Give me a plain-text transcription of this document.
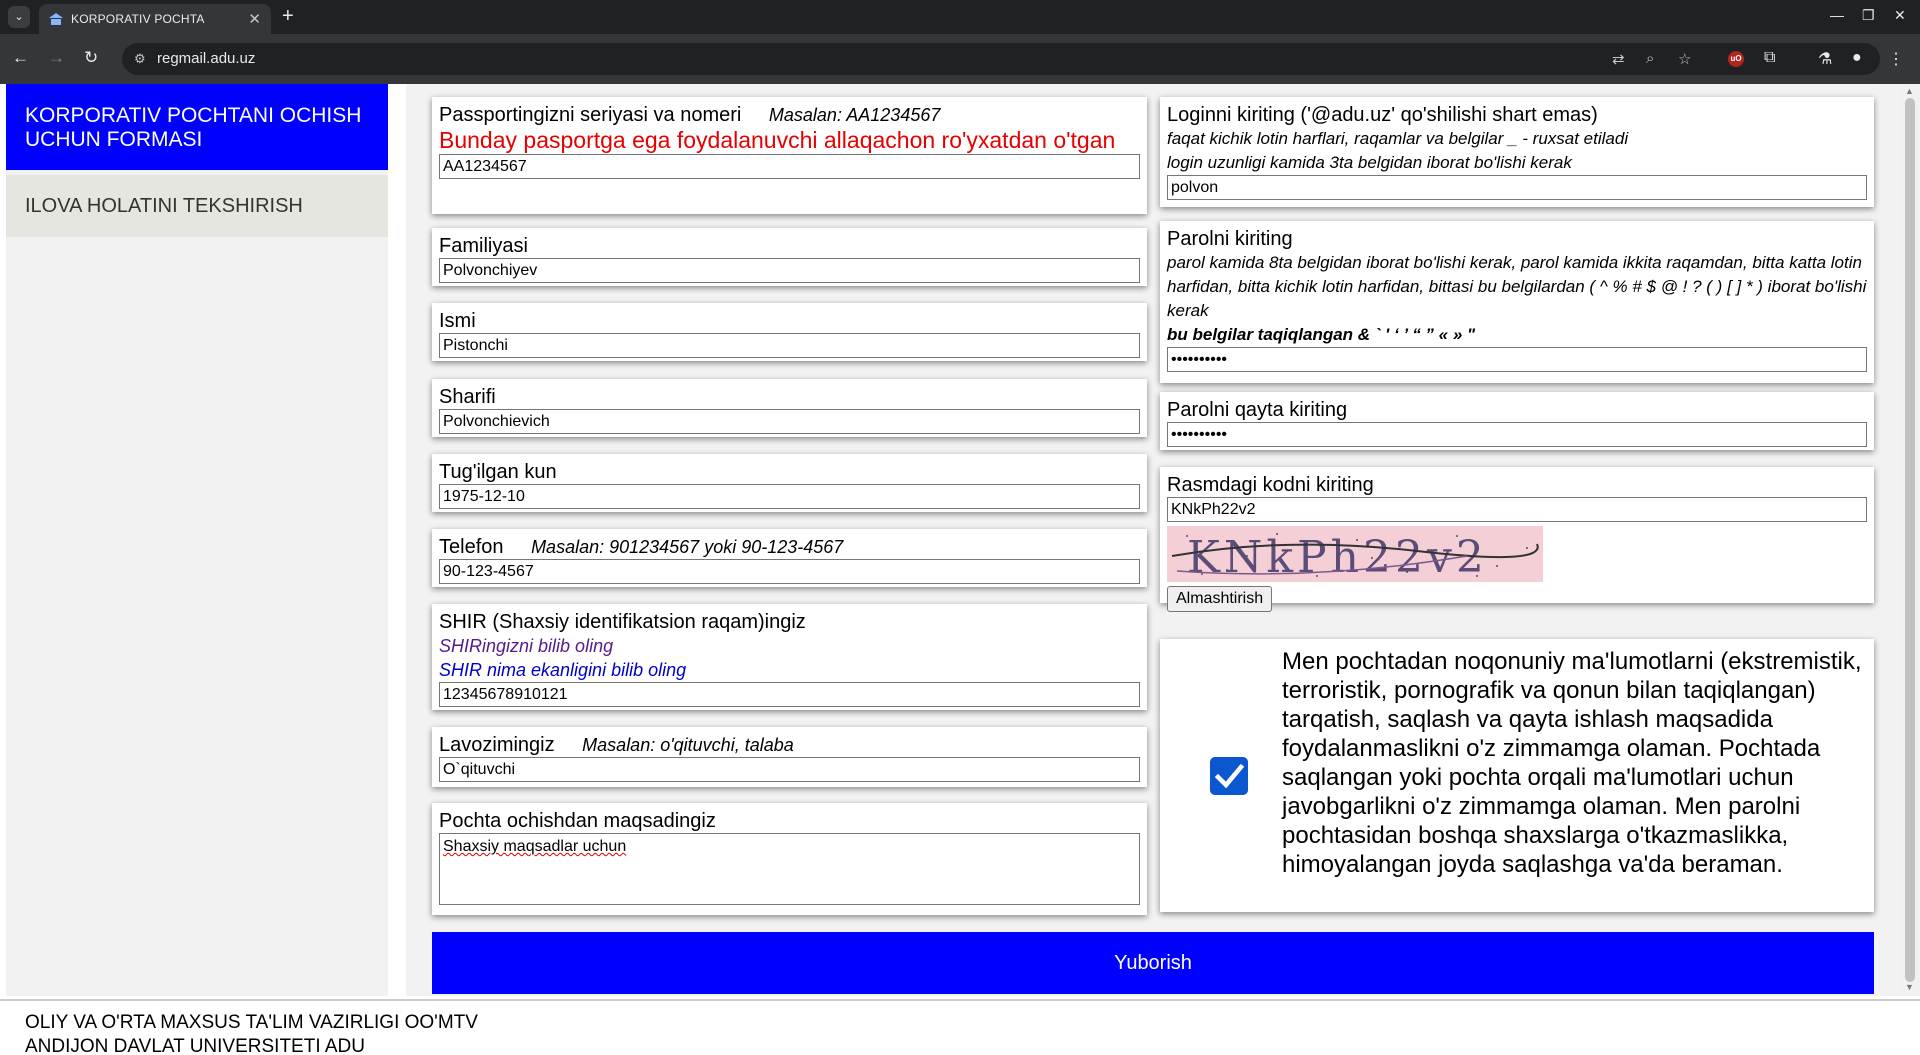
⌄	KORPORATIV POCHTA	✕ +	— ❐ ✕
← → ↻	⚙ regmail.adu.uz	⇄ ⌕ ☆	uO ⧉	⚗ ● ⋮
KORPORATIV POCHTANI OCHISH UCHUN FORMASI
ILOVA HOLATINI TEKSHIRISH
▲
▼
Passportingizni seriyasi va nomeri Masalan: AA1234567
Bunday pasportga ega foydalanuvchi allaqachon ro'yxatdan o'tgan
AA1234567
Familiyasi
Polvonchiyev
Ismi
Pistonchi
Sharifi
Polvonchievich
Tug'ilgan kun
1975-12-10
Telefon Masalan: 901234567 yoki 90-123-4567
90-123-4567
SHIR (Shaxsiy identifikatsion raqam)ingiz
SHIRingizni bilib oling
SHIR nima ekanligini bilib oling
12345678910121
Lavozimingiz Masalan: o'qituvchi, talaba
O`qituvchi
Pochta ochishdan maqsadingiz
Shaxsiy maqsadlar uchun
Loginni kiriting ('@adu.uz' qo'shilishi shart emas)
faqat kichik lotin harflari, raqamlar va belgilar _ - ruxsat etiladi
login uzunligi kamida 3ta belgidan iborat bo'lishi kerak
polvon
Parolni kiriting
parol kamida 8ta belgidan iborat bo'lishi kerak, parol kamida ikkita raqamdan, bitta katta lotin harfidan, bitta kichik lotin harfidan, bittasi bu belgilardan ( ^ % # $ @ ! ? ( ) [ ] * ) iborat bo'lishi kerak
bu belgilar taqiqlangan & ` ' ‘ ’ “ ” « » "
••••••••••
Parolni qayta kiriting
••••••••••
Rasmdagi kodni kiriting
KNkPh22v2
KNkPh22v2
Almashtirish
Men pochtadan noqonuniy ma'lumotlarni (ekstremistik, terroristik, pornografik va qonun bilan taqiqlangan) tarqatish, saqlash va qayta ishlash maqsadida foydalanmaslikni o'z zimmamga olaman. Pochtada saqlangan yoki pochta orqali ma'lumotlari uchun javobgarlikni o'z zimmamga olaman. Men parolni pochtasidan boshqa shaxslarga o'tkazmaslikka, himoyalangan joyda saqlashga va'da beraman.
Yuborish
OLIY VA O'RTA MAXSUS TA'LIM VAZIRLIGI OO'MTV
ANDIJON DAVLAT UNIVERSITETI ADU
